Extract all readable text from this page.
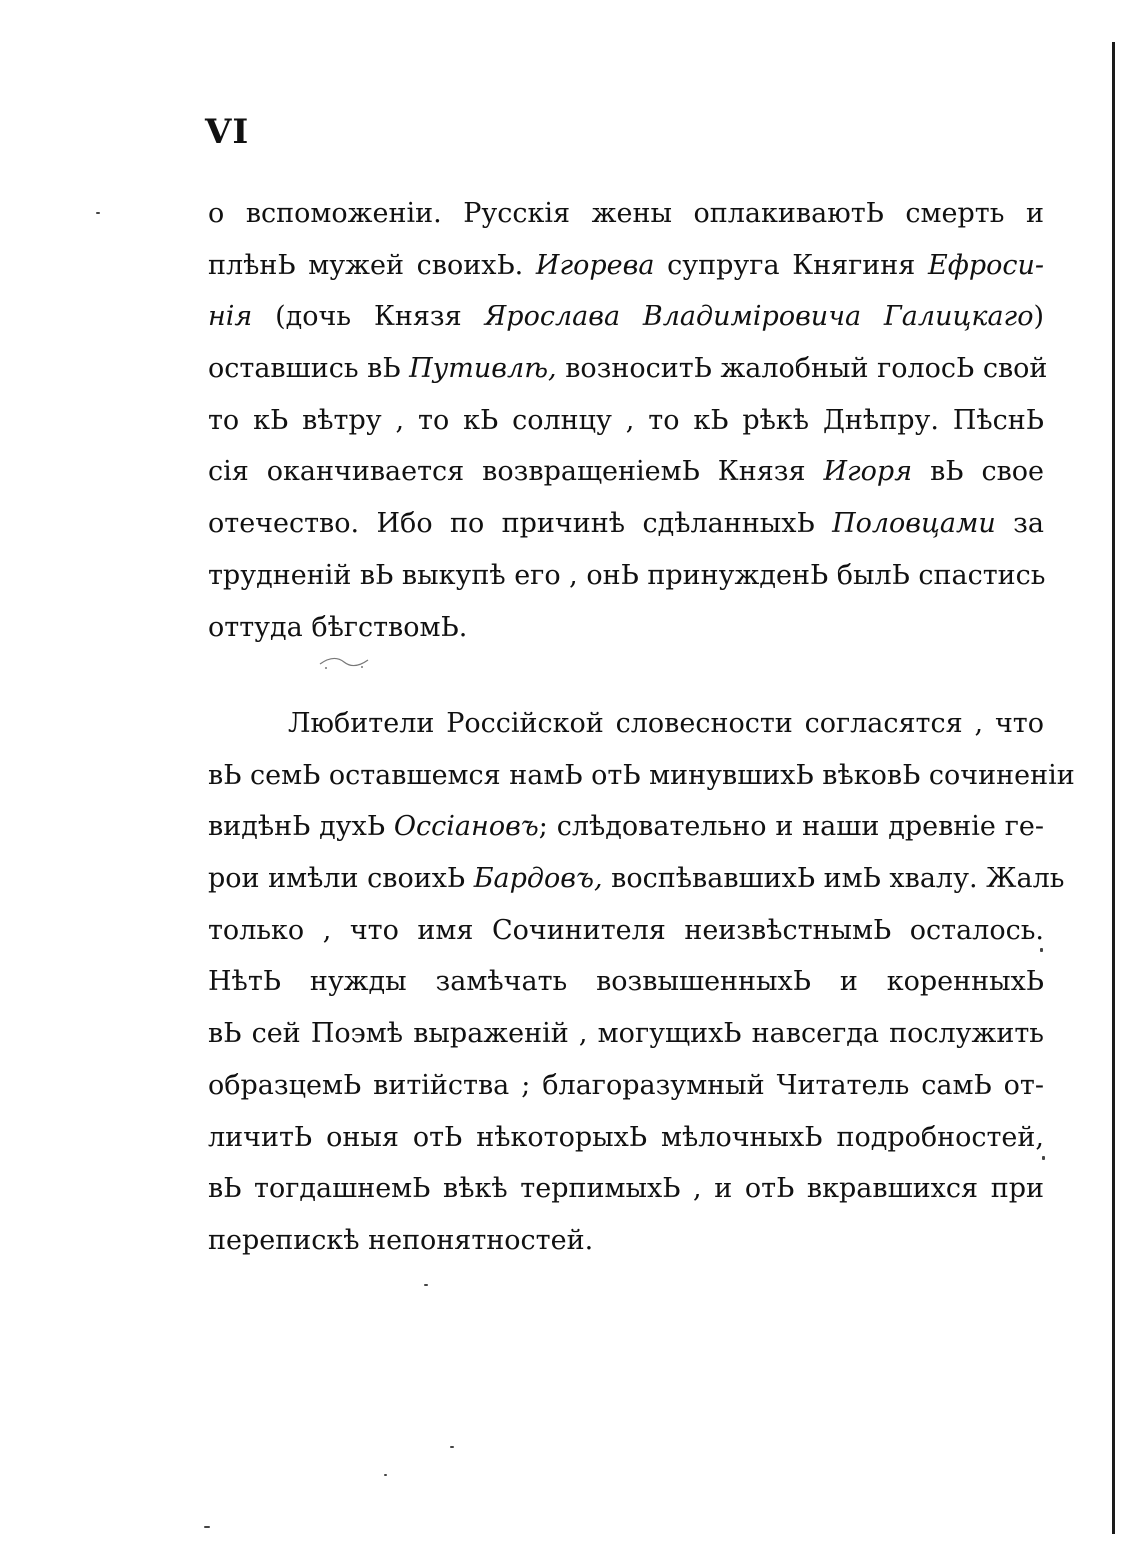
VI
о вспоможеніи. Русскія жены оплакиваютЬ смерть и
плѣнЬ мужей своихЬ. Игорева супруга Княгиня Ефроси-
нія (дочь Князя Ярослава Владиміровича Галицкаго)
оставшись вЬ Путивлѣ, возноситЬ жалобный голосЬ свой
то кЬ вѣтру , то кЬ солнцу , то кЬ рѣкѣ Днѣпру. ПѣснЬ
сія оканчивается возвращеніемЬ Князя Игоря вЬ свое
отечество. Ибо по причинѣ сдѣланныхЬ Половцами за
трудненій вЬ выкупѣ его , онЬ принужденЬ былЬ спастись
оттуда бѣгствомЬ.
Любители Россійской словесности согласятся , что
вЬ семЬ оставшемся намЬ отЬ минувшихЬ вѣковЬ сочиненіи
видѣнЬ духЬ Оссіановъ; слѣдовательно и наши древніе ге-
рои имѣли своихЬ Бардовъ, воспѣвавшихЬ имЬ хвалу. Жаль
только , что имя Сочинителя неизвѣстнымЬ осталось.
НѣтЬ нужды замѣчать возвышенныхЬ и коренныхЬ
вЬ сей Поэмѣ выраженій , могущихЬ навсегда послужить
образцемЬ витійства ; благоразумный Читатель самЬ от-
личитЬ оныя отЬ нѣкоторыхЬ мѣлочныхЬ подробностей,
вЬ тогдашнемЬ вѣкѣ терпимыхЬ , и отЬ вкравшихся при
перепискѣ непонятностей.
